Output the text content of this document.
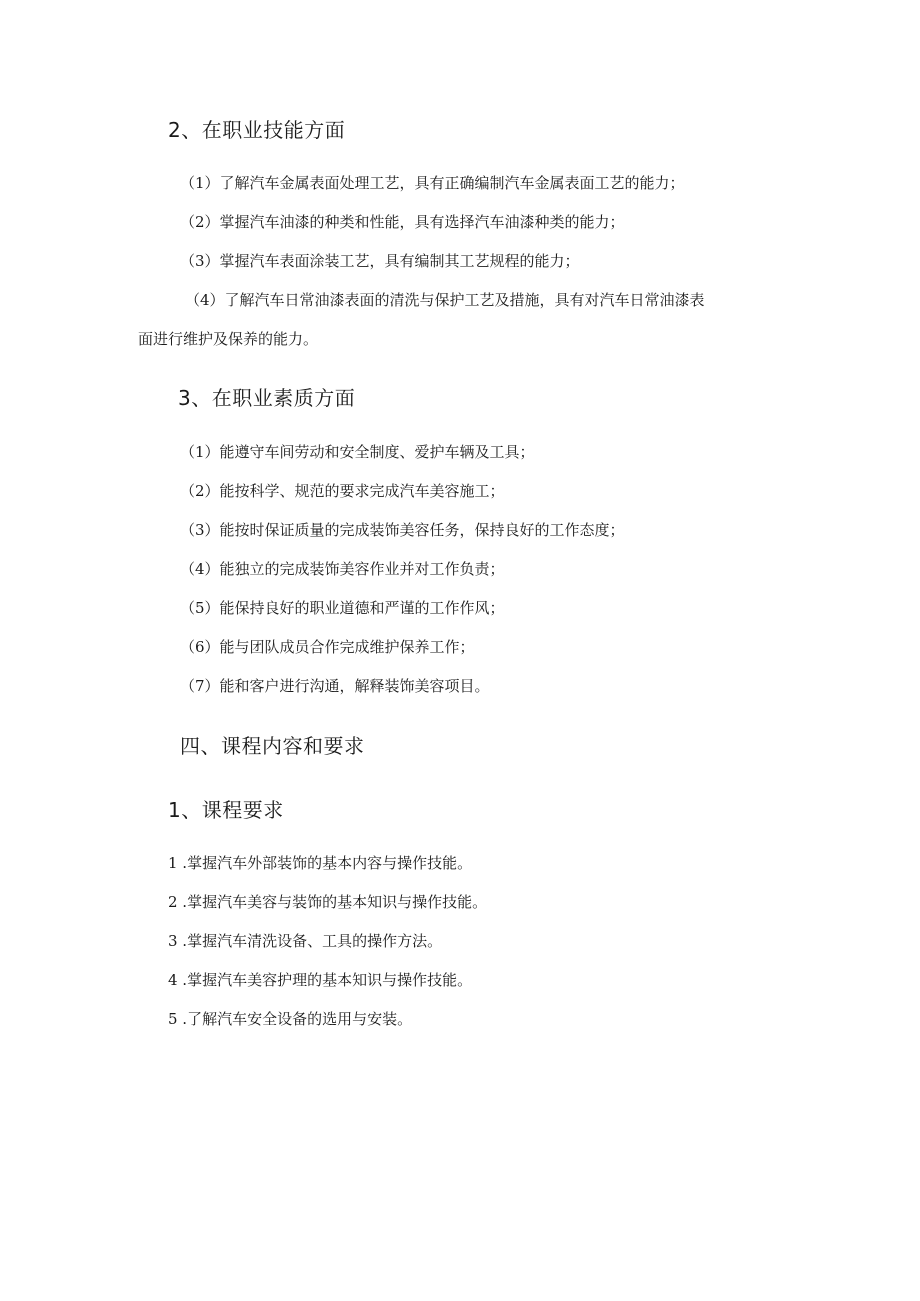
2、在职业技能方面
（1）了解汽车金属表面处理工艺，具有正确编制汽车金属表面工艺的能力；
（2）掌握汽车油漆的种类和性能，具有选择汽车油漆种类的能力；
（3）掌握汽车表面涂装工艺，具有编制其工艺规程的能力；
（4）了解汽车日常油漆表面的清洗与保护工艺及措施，具有对汽车日常油漆表
面进行维护及保养的能力。
3、在职业素质方面
（1）能遵守车间劳动和安全制度、爱护车辆及工具；
（2）能按科学、规范的要求完成汽车美容施工；
（3）能按时保证质量的完成装饰美容任务，保持良好的工作态度；
（4）能独立的完成装饰美容作业并对工作负责；
（5）能保持良好的职业道德和严谨的工作作风；
（6）能与团队成员合作完成维护保养工作；
（7）能和客户进行沟通，解释装饰美容项目。
四、课程内容和要求
1、课程要求
1 .掌握汽车外部装饰的基本内容与操作技能。
2 .掌握汽车美容与装饰的基本知识与操作技能。
3 .掌握汽车清洗设备、工具的操作方法。
4 .掌握汽车美容护理的基本知识与操作技能。
5 .了解汽车安全设备的选用与安装。
